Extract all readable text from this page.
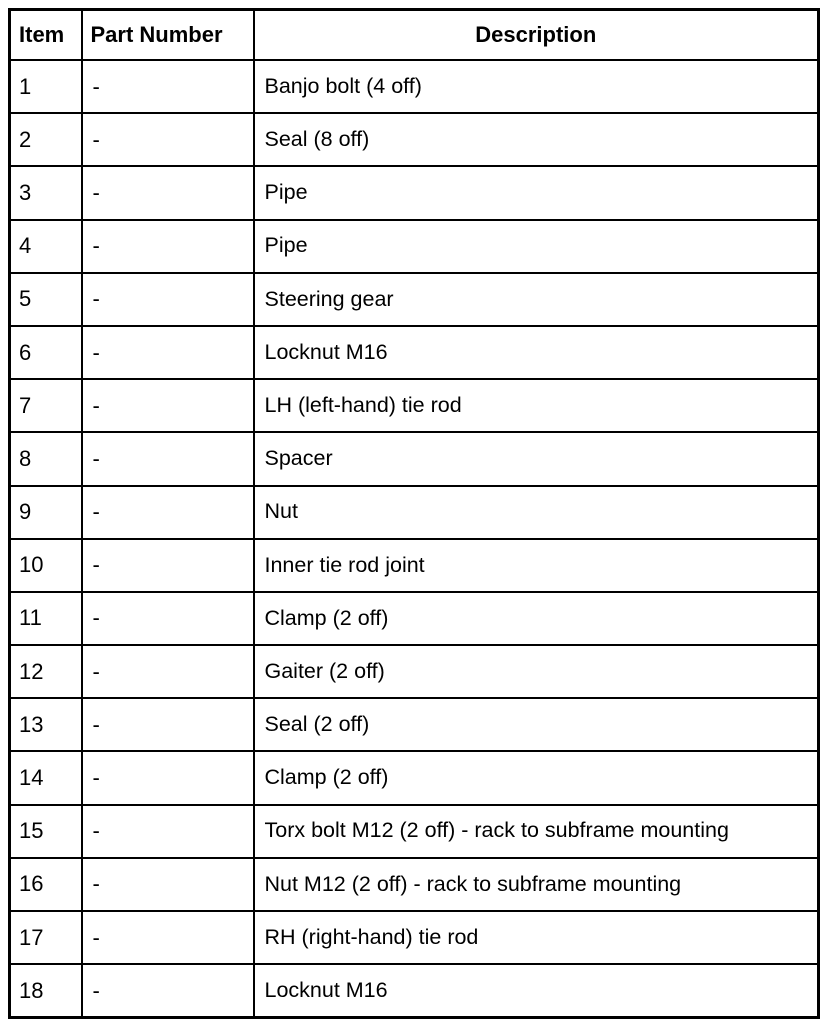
Item	Part Number	Description
1	-	Banjo bolt (4 off)
2	-	Seal (8 off)
3	-	Pipe
4	-	Pipe
5	-	Steering gear
6	-	Locknut M16
7	-	LH (left-hand) tie rod
8	-	Spacer
9	-	Nut
10	-	Inner tie rod joint
11	-	Clamp (2 off)
12	-	Gaiter (2 off)
13	-	Seal (2 off)
14	-	Clamp (2 off)
15	-	Torx bolt M12 (2 off) - rack to subframe mounting
16	-	Nut M12 (2 off) - rack to subframe mounting
17	-	RH (right-hand) tie rod
18	-	Locknut M16
